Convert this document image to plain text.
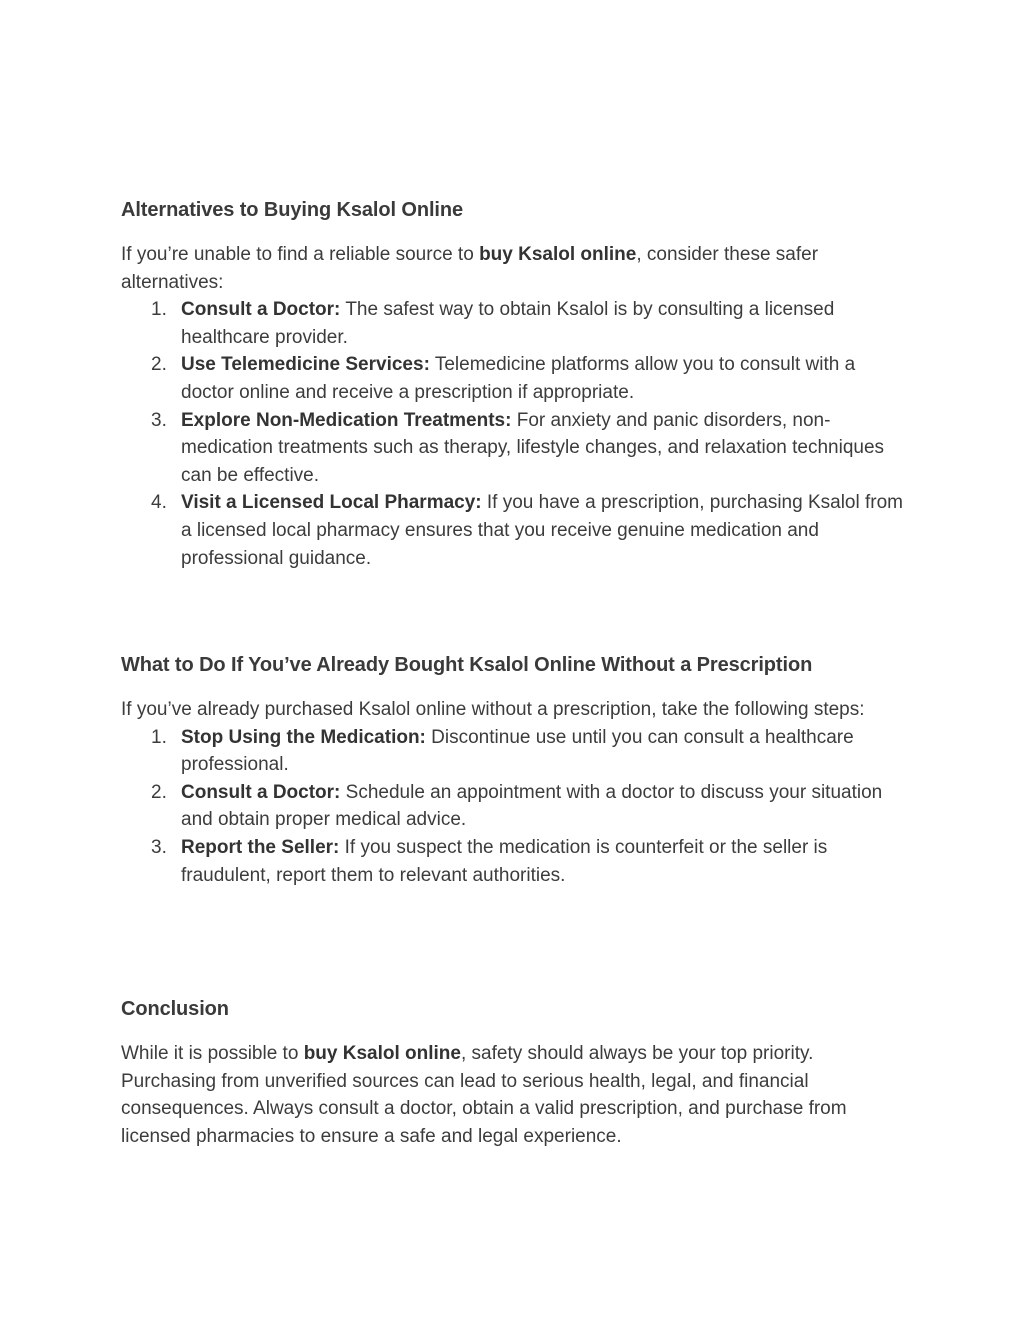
Alternatives to Buying Ksalol Online

If you’re unable to find a reliable source to buy Ksalol online, consider these safer alternatives:

1. Consult a Doctor: The safest way to obtain Ksalol is by consulting a licensed healthcare provider.
2. Use Telemedicine Services: Telemedicine platforms allow you to consult with a doctor online and receive a prescription if appropriate.
3. Explore Non-Medication Treatments: For anxiety and panic disorders, non-medication treatments such as therapy, lifestyle changes, and relaxation techniques can be effective.
4. Visit a Licensed Local Pharmacy: If you have a prescription, purchasing Ksalol from a licensed local pharmacy ensures that you receive genuine medication and professional guidance.
What to Do If You’ve Already Bought Ksalol Online Without a Prescription

If you’ve already purchased Ksalol online without a prescription, take the following steps:

1. Stop Using the Medication: Discontinue use until you can consult a healthcare professional.
2. Consult a Doctor: Schedule an appointment with a doctor to discuss your situation and obtain proper medical advice.
3. Report the Seller: If you suspect the medication is counterfeit or the seller is fraudulent, report them to relevant authorities.
Conclusion

While it is possible to buy Ksalol online, safety should always be your top priority. Purchasing from unverified sources can lead to serious health, legal, and financial consequences. Always consult a doctor, obtain a valid prescription, and purchase from licensed pharmacies to ensure a safe and legal experience.
